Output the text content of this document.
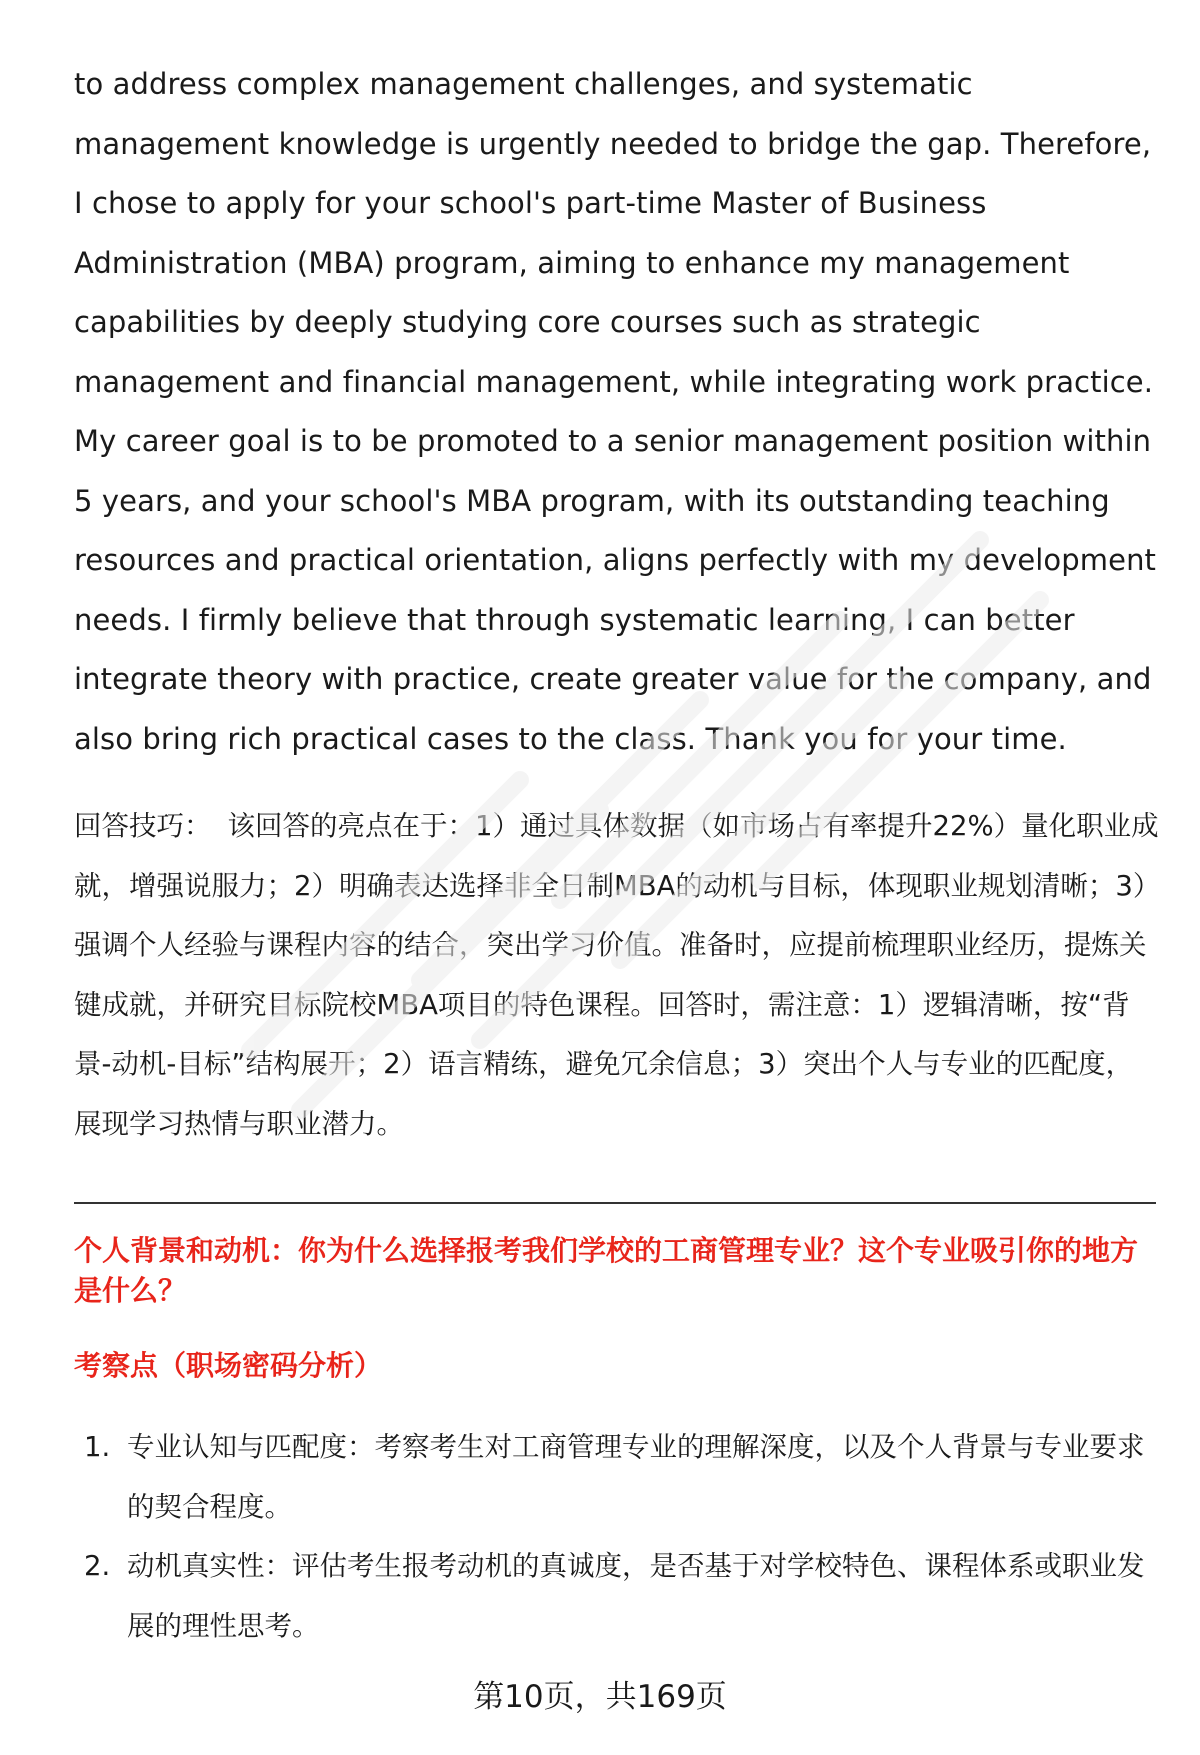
to address complex management challenges, and systematic management knowledge is urgently needed to bridge the gap. Therefore, I chose to apply for your school's part-time Master of Business Administration (MBA) program, aiming to enhance my management capabilities by deeply studying core courses such as strategic management and financial management, while integrating work practice. My career goal is to be promoted to a senior management position within 5 years, and your school's MBA program, with its outstanding teaching resources and practical orientation, aligns perfectly with my development needs. I firmly believe that through systematic learning, I can better integrate theory with practice, create greater value for the company, and also bring rich practical cases to the class. Thank you for your time.

回答技巧： 该回答的亮点在于：1）通过具体数据（如市场占有率提升22%）量化职业成就，增强说服力；2）明确表达选择非全日制MBA的动机与目标，体现职业规划清晰；3）强调个人经验与课程内容的结合，突出学习价值。准备时，应提前梳理职业经历，提炼关键成就，并研究目标院校MBA项目的特色课程。回答时，需注意：1）逻辑清晰，按“背景-动机-目标”结构展开；2）语言精练，避免冗余信息；3）突出个人与专业的匹配度，展现学习热情与职业潜力。

个人背景和动机：你为什么选择报考我们学校的工商管理专业？这个专业吸引你的地方是什么？

考察点（职场密码分析）

1. 专业认知与匹配度：考察考生对工商管理专业的理解深度，以及个人背景与专业要求的契合程度。
2. 动机真实性：评估考生报考动机的真诚度，是否基于对学校特色、课程体系或职业发展的理性思考。
第10页，共169页
